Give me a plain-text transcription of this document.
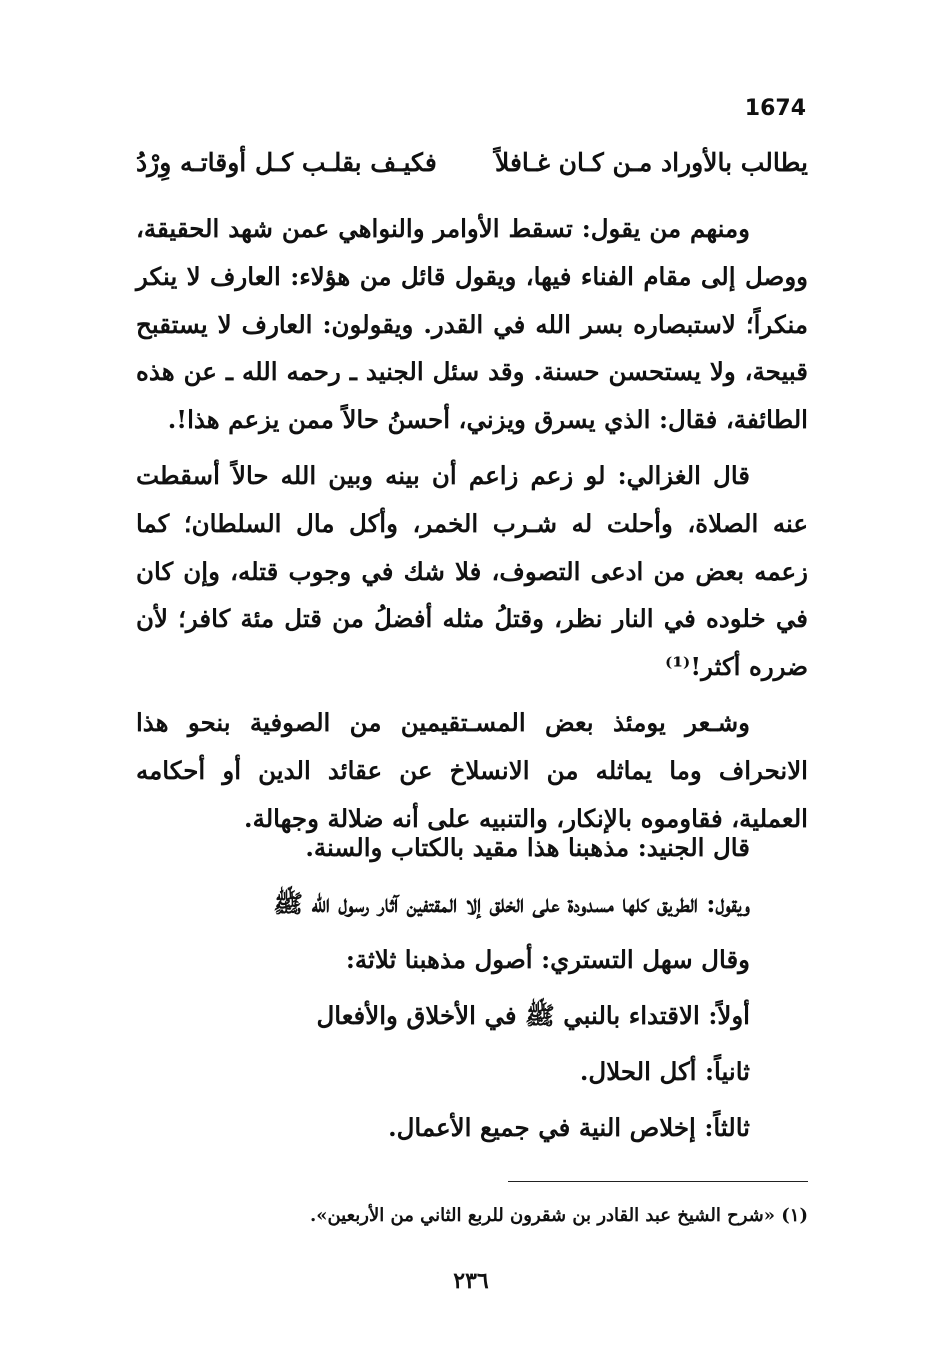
1674
يطالب بالأوراد مـن كـان غـافلاً
فكيـف بقلـب كـل أوقاتـه وِرْدُ

ومنهم من يقول: تسقط الأوامر والنواهي عمن شهد الحقيقة، ووصل إلى مقام الفناء فيها، ويقول قائل من هؤلاء: العارف لا ينكر منكراً؛ لاستبصاره بسر الله في القدر. ويقولون: العارف لا يستقبح قبيحة، ولا يستحسن حسنة. وقد سئل الجنيد ـ رحمه الله ـ عن هذه الطائفة، فقال: الذي يسرق ويزني، أحسنُ حالاً ممن يزعم هذا!.

قال الغزالي: لو زعم زاعم أن بينه وبين الله حالاً أسقطت عنه الصلاة، وأحلت له شـرب الخمر، وأكل مال السلطان؛ كما زعمه بعض من ادعى التصوف، فلا شك في وجوب قتله، وإن كان في خلوده في النار نظر، وقتلُ مثله أفضلُ من قتل مئة كافر؛ لأن ضرره أكثر!⁽¹⁾

وشـعر يومئذ بعض المسـتقيمين من الصوفية بنحو هذا الانحراف وما يماثله من الانسلاخ عن عقائد الدين أو أحكامه العملية، فقاوموه بالإنكار، والتنبيه على أنه ضلالة وجهالة.

قال الجنيد: مذهبنا هذا مقيد بالكتاب والسنة.
ويقول: الطريق كلها مسدودة على الخلق إلا المقتفين آثار رسول الله ﷺ
وقال سهل التستري: أصول مذهبنا ثلاثة:
أولاً: الاقتداء بالنبي ﷺ في الأخلاق والأفعال
ثانياً: أكل الحلال.
ثالثاً: إخلاص النية في جميع الأعمال.
(١) «شرح الشيخ عبد القادر بن شقرون للربع الثاني من الأربعين».
٢٣٦
